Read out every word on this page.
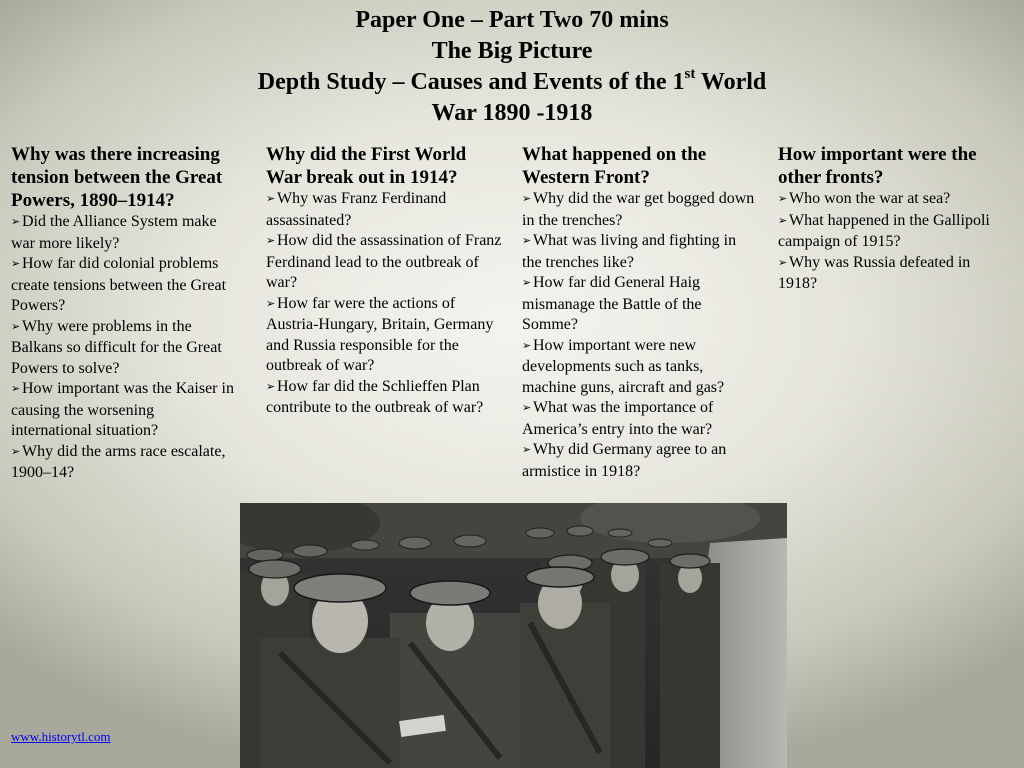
Paper One – Part Two 70 mins
The Big Picture
Depth Study – Causes and Events of the 1st World
War 1890 -1918
Why was there increasing tension between the Great Powers, 1890–1914?
➢ Did the Alliance System make war more likely?
➢ How far did colonial problems create tensions between the Great Powers?
➢ Why were problems in the Balkans so difficult for the Great Powers to solve?
➢ How important was the Kaiser in causing the worsening international situation?
➢ Why did the arms race escalate, 1900–14?
Why did the First World War break out in 1914?
➢ Why was Franz Ferdinand assassinated?
➢ How did the assassination of Franz Ferdinand lead to the outbreak of war?
➢ How far were the actions of Austria-Hungary, Britain, Germany and Russia responsible for the outbreak of war?
➢ How far did the Schlieffen Plan contribute to the outbreak of war?
What happened on the Western Front?
➢ Why did the war get bogged down in the trenches?
➢ What was living and fighting in the trenches like?
➢ How far did General Haig mismanage the Battle of the Somme?
➢ How important were new developments such as tanks, machine guns, aircraft and gas?
➢ What was the importance of America’s entry into the war?
➢ Why did Germany agree to an armistice in 1918?
How important were the other fronts?
➢ Who won the war at sea?
➢ What happened in the Gallipoli campaign of 1915?
➢ Why was Russia defeated in 1918?
www.historytl.com
